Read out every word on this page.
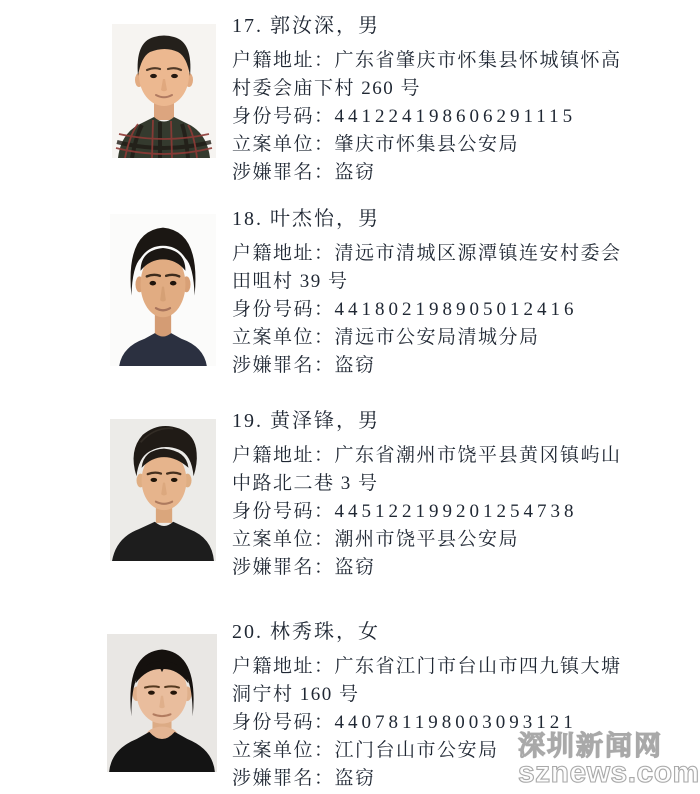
17. 郭汝深，男

户籍地址：广东省肇庆市怀集县怀城镇怀高村委会庙下村 260 号

身份号码：441224198606291115

立案单位：肇庆市怀集县公安局

涉嫌罪名：盗窃

18. 叶杰怡，男

户籍地址：清远市清城区源潭镇连安村委会田咀村 39 号

身份号码：441802198905012416

立案单位：清远市公安局清城分局

涉嫌罪名：盗窃

19. 黄泽锋，男

户籍地址：广东省潮州市饶平县黄冈镇屿山中路北二巷 3 号

身份号码：445122199201254738

立案单位：潮州市饶平县公安局

涉嫌罪名：盗窃

20. 林秀珠，女

户籍地址：广东省江门市台山市四九镇大塘洞宁村 160 号

身份号码：440781198003093121

立案单位：江门台山市公安局

涉嫌罪名：盗窃

深圳新闻网
sznews.com
